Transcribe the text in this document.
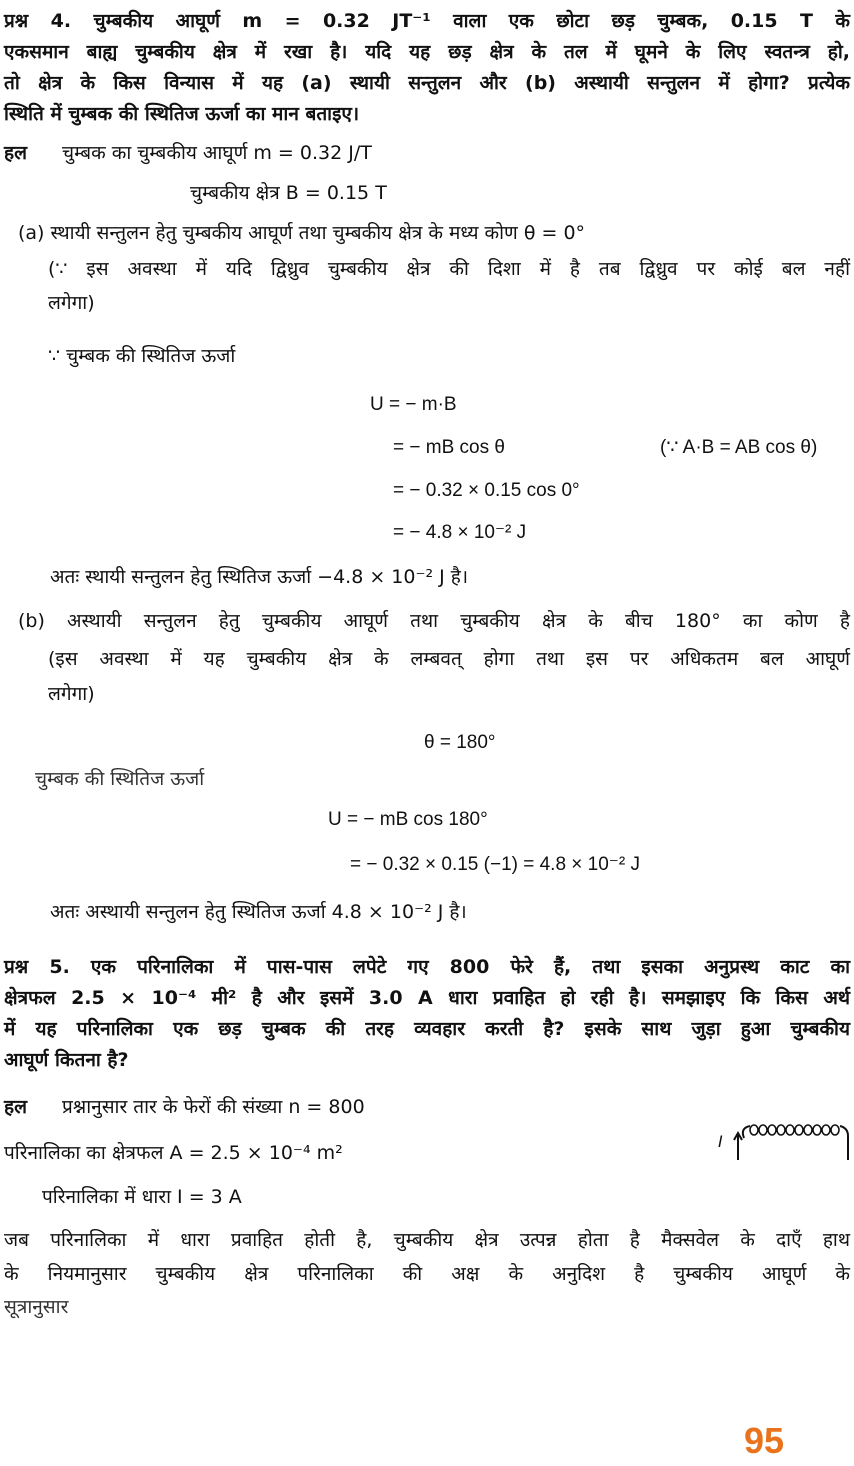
प्रश्न 4. चुम्बकीय आघूर्ण m = 0.32 JT⁻¹ वाला एक छोटा छड़ चुम्बक, 0.15 T के
एकसमान बाह्य चुम्बकीय क्षेत्र में रखा है। यदि यह छड़ क्षेत्र के तल में घूमने के लिए स्वतन्त्र हो,
तो क्षेत्र के किस विन्यास में यह (a) स्थायी सन्तुलन और (b) अस्थायी सन्तुलन में होगा? प्रत्येक
स्थिति में चुम्बक की स्थितिज ऊर्जा का मान बताइए।
हल चुम्बक का चुम्बकीय आघूर्ण m = 0.32 J/T
चुम्बकीय क्षेत्र B = 0.15 T
(a) स्थायी सन्तुलन हेतु चुम्बकीय आघूर्ण तथा चुम्बकीय क्षेत्र के मध्य कोण θ = 0°
(∵ इस अवस्था में यदि द्विध्रुव चुम्बकीय क्षेत्र की दिशा में है तब द्विध्रुव पर कोई बल नहीं
लगेगा)
∵ चुम्बक की स्थितिज ऊर्जा
U = − m·B
= − mB cos θ	(∵ A·B = AB cos θ)
= − 0.32 × 0.15 cos 0°
= − 4.8 × 10⁻² J
अतः स्थायी सन्तुलन हेतु स्थितिज ऊर्जा −4.8 × 10⁻² J है।
(b) अस्थायी सन्तुलन हेतु चुम्बकीय आघूर्ण तथा चुम्बकीय क्षेत्र के बीच 180° का कोण है
(इस अवस्था में यह चुम्बकीय क्षेत्र के लम्बवत् होगा तथा इस पर अधिकतम बल आघूर्ण
लगेगा)
θ = 180°
चुम्बक की स्थितिज ऊर्जा
U = − mB cos 180°
= − 0.32 × 0.15 (−1) = 4.8 × 10⁻² J
अतः अस्थायी सन्तुलन हेतु स्थितिज ऊर्जा 4.8 × 10⁻² J है।
प्रश्न 5. एक परिनालिका में पास-पास लपेटे गए 800 फेरे हैं, तथा इसका अनुप्रस्थ काट का
क्षेत्रफल 2.5 × 10⁻⁴ मी² है और इसमें 3.0 A धारा प्रवाहित हो रही है। समझाइए कि किस अर्थ
में यह परिनालिका एक छड़ चुम्बक की तरह व्यवहार करती है? इसके साथ जुड़ा हुआ चुम्बकीय
आघूर्ण कितना है?
हल प्रश्नानुसार तार के फेरों की संख्या n = 800
परिनालिका का क्षेत्रफल A = 2.5 × 10⁻⁴ m²
परिनालिका में धारा I = 3 A
I
जब परिनालिका में धारा प्रवाहित होती है, चुम्बकीय क्षेत्र उत्पन्न होता है मैक्सवेल के दाएँ हाथ
के नियमानुसार चुम्बकीय क्षेत्र परिनालिका की अक्ष के अनुदिश है चुम्बकीय आघूर्ण के
सूत्रानुसार
95
